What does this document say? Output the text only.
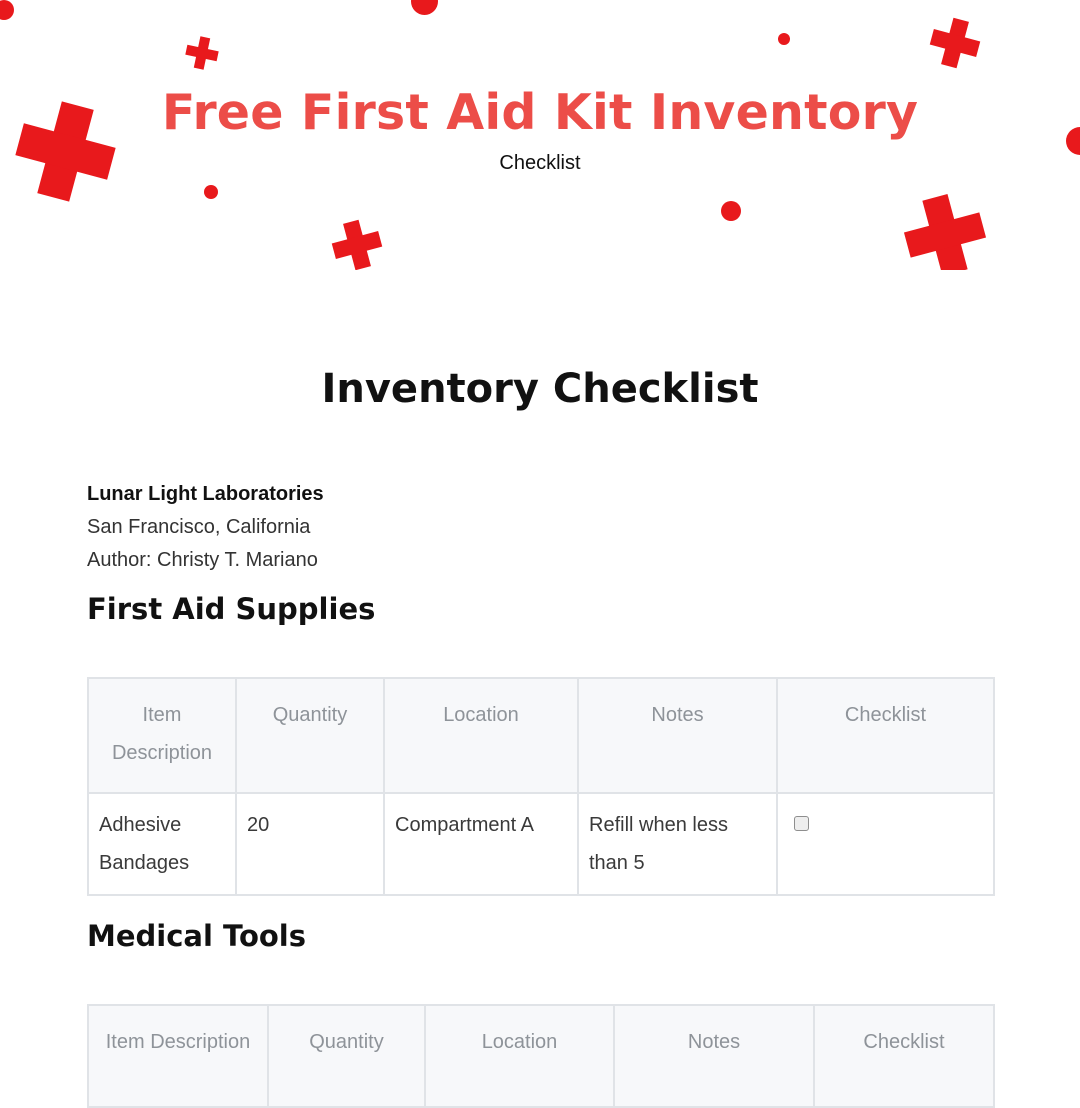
Free First Aid Kit Inventory
Checklist
Inventory Checklist
Lunar Light Laboratories
San Francisco, California
Author: Christy T. Mariano
First Aid Supplies
Item Description	Quantity	Location	Notes	Checklist
Adhesive Bandages	20	Compartment A	Refill when less than 5	
Medical Tools
Item Description	Quantity	Location	Notes	Checklist
